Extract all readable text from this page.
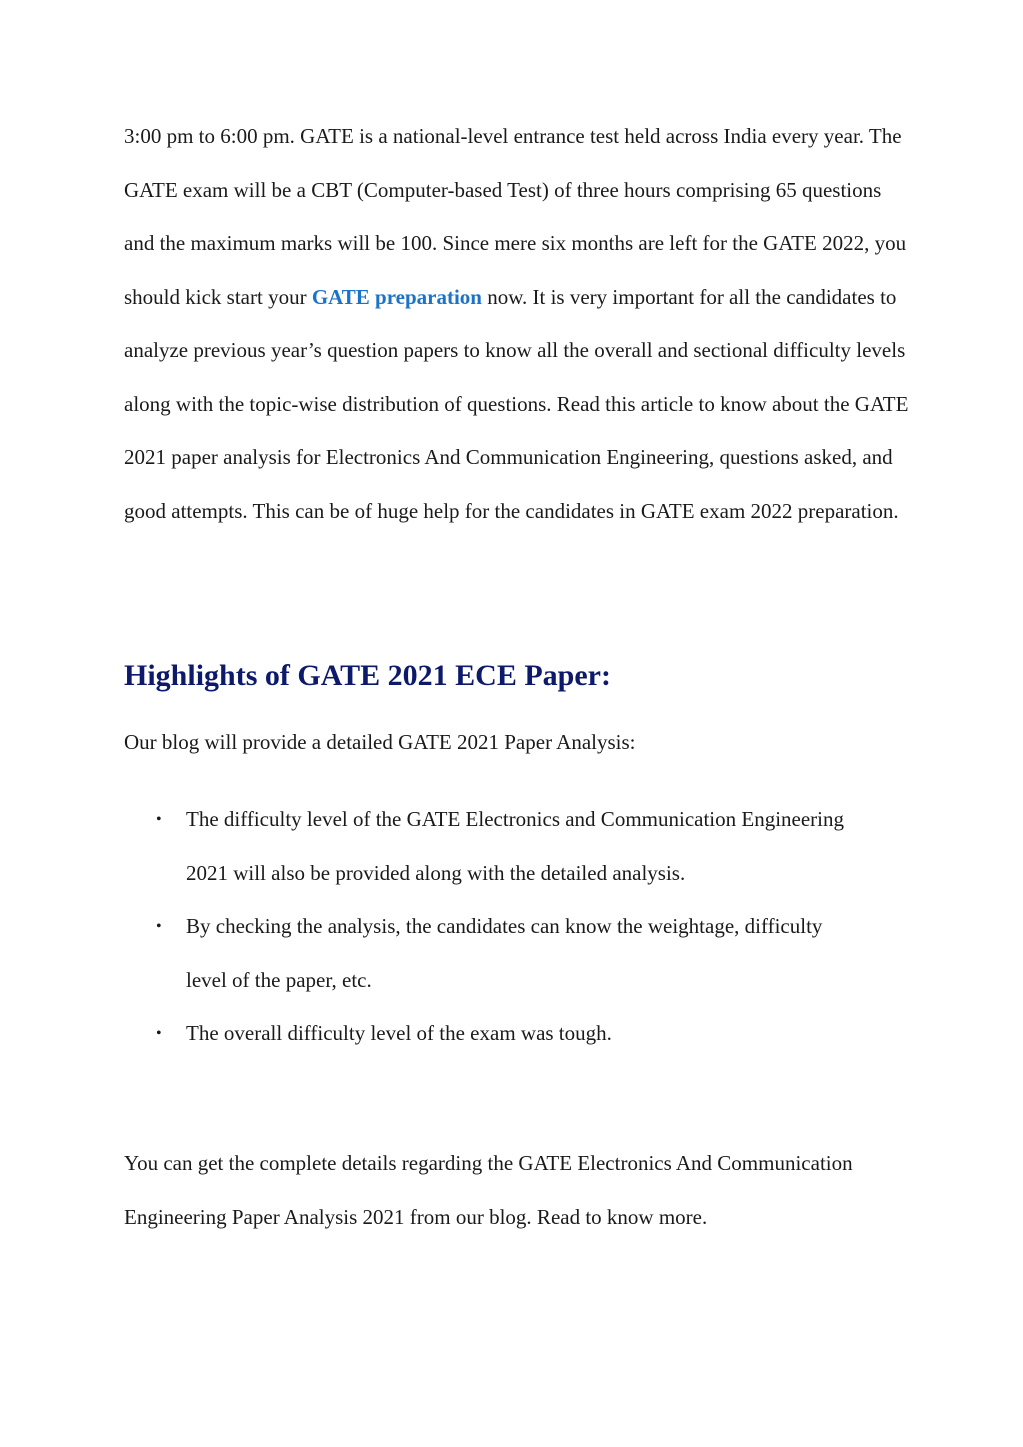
3:00 pm to 6:00 pm. GATE is a national-level entrance test held across India every year. The GATE exam will be a CBT (Computer-based Test) of three hours comprising 65 questions and the maximum marks will be 100. Since mere six months are left for the GATE 2022, you should kick start your GATE preparation now. It is very important for all the candidates to analyze previous year’s question papers to know all the overall and sectional difficulty levels along with the topic-wise distribution of questions. Read this article to know about the GATE 2021 paper analysis for Electronics And Communication Engineering, questions asked, and good attempts. This can be of huge help for the candidates in GATE exam 2022 preparation.

Highlights of GATE 2021 ECE Paper:

Our blog will provide a detailed GATE 2021 Paper Analysis:

• The difficulty level of the GATE Electronics and Communication Engineering 2021 will also be provided along with the detailed analysis.
• By checking the analysis, the candidates can know the weightage, difficulty level of the paper, etc.
• The overall difficulty level of the exam was tough.

You can get the complete details regarding the GATE Electronics And Communication Engineering Paper Analysis 2021 from our blog. Read to know more.
